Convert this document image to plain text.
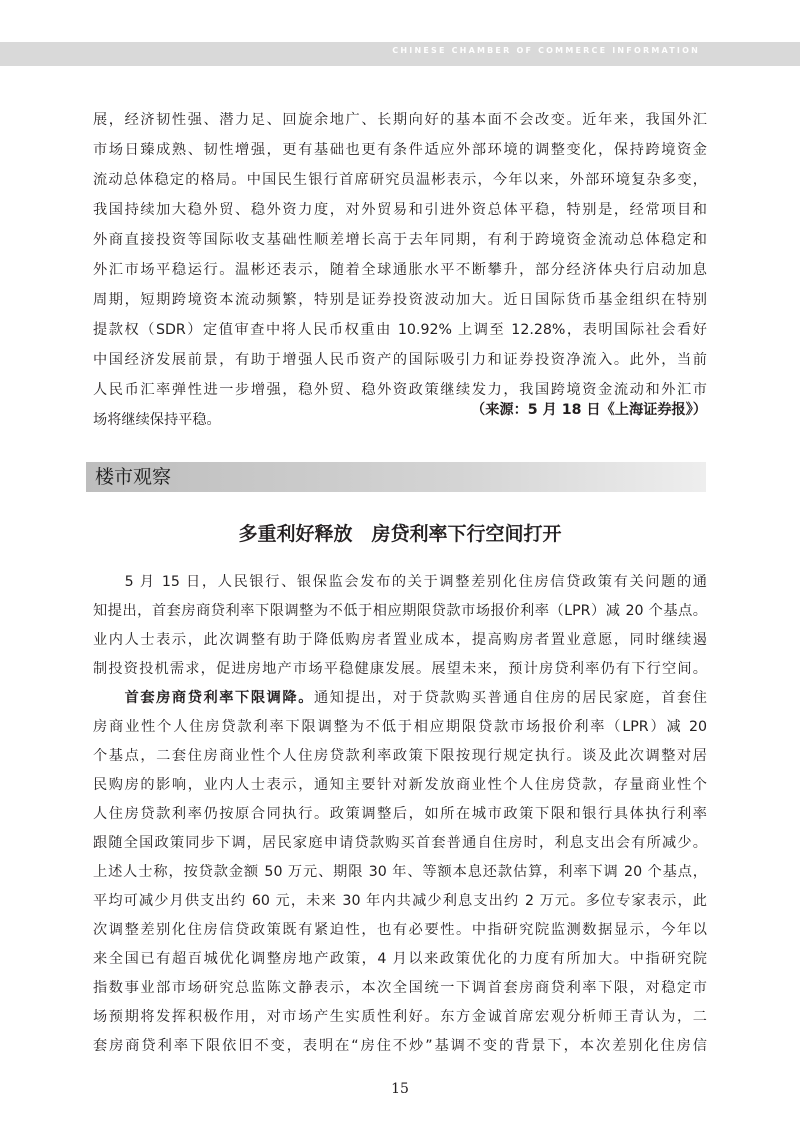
CHINESE CHAMBER OF COMMERCE INFORMATION
展，经济韧性强、潜力足、回旋余地广、长期向好的基本面不会改变。近年来，我国外汇
市场日臻成熟、韧性增强，更有基础也更有条件适应外部环境的调整变化，保持跨境资金
流动总体稳定的格局。中国民生银行首席研究员温彬表示，今年以来，外部环境复杂多变，
我国持续加大稳外贸、稳外资力度，对外贸易和引进外资总体平稳，特别是，经常项目和
外商直接投资等国际收支基础性顺差增长高于去年同期，有利于跨境资金流动总体稳定和
外汇市场平稳运行。温彬还表示，随着全球通胀水平不断攀升，部分经济体央行启动加息
周期，短期跨境资本流动频繁，特别是证券投资波动加大。近日国际货币基金组织在特别
提款权（SDR）定值审查中将人民币权重由 10.92% 上调至 12.28%，表明国际社会看好
中国经济发展前景，有助于增强人民币资产的国际吸引力和证券投资净流入。此外，当前
人民币汇率弹性进一步增强，稳外贸、稳外资政策继续发力，我国跨境资金流动和外汇市
场将继续保持平稳。
（来源：5 月 18 日《上海证券报》）
楼市观察
多重利好释放　房贷利率下行空间打开
　　5 月 15 日，人民银行、银保监会发布的关于调整差别化住房信贷政策有关问题的通
知提出，首套房商贷利率下限调整为不低于相应期限贷款市场报价利率（LPR）减 20 个基点。
业内人士表示，此次调整有助于降低购房者置业成本，提高购房者置业意愿，同时继续遏
制投资投机需求，促进房地产市场平稳健康发展。展望未来，预计房贷利率仍有下行空间。
　　首套房商贷利率下限调降。通知提出，对于贷款购买普通自住房的居民家庭，首套住
房商业性个人住房贷款利率下限调整为不低于相应期限贷款市场报价利率（LPR）减 20
个基点，二套住房商业性个人住房贷款利率政策下限按现行规定执行。谈及此次调整对居
民购房的影响，业内人士表示，通知主要针对新发放商业性个人住房贷款，存量商业性个
人住房贷款利率仍按原合同执行。政策调整后，如所在城市政策下限和银行具体执行利率
跟随全国政策同步下调，居民家庭申请贷款购买首套普通自住房时，利息支出会有所减少。
上述人士称，按贷款金额 50 万元、期限 30 年、等额本息还款估算，利率下调 20 个基点，
平均可减少月供支出约 60 元，未来 30 年内共减少利息支出约 2 万元。多位专家表示，此
次调整差别化住房信贷政策既有紧迫性，也有必要性。中指研究院监测数据显示，今年以
来全国已有超百城优化调整房地产政策，4 月以来政策优化的力度有所加大。中指研究院
指数事业部市场研究总监陈文静表示，本次全国统一下调首套房商贷利率下限，对稳定市
场预期将发挥积极作用，对市场产生实质性利好。东方金诚首席宏观分析师王青认为，二
套房商贷利率下限依旧不变，表明在“房住不炒”基调不变的背景下，本次差别化住房信
15
